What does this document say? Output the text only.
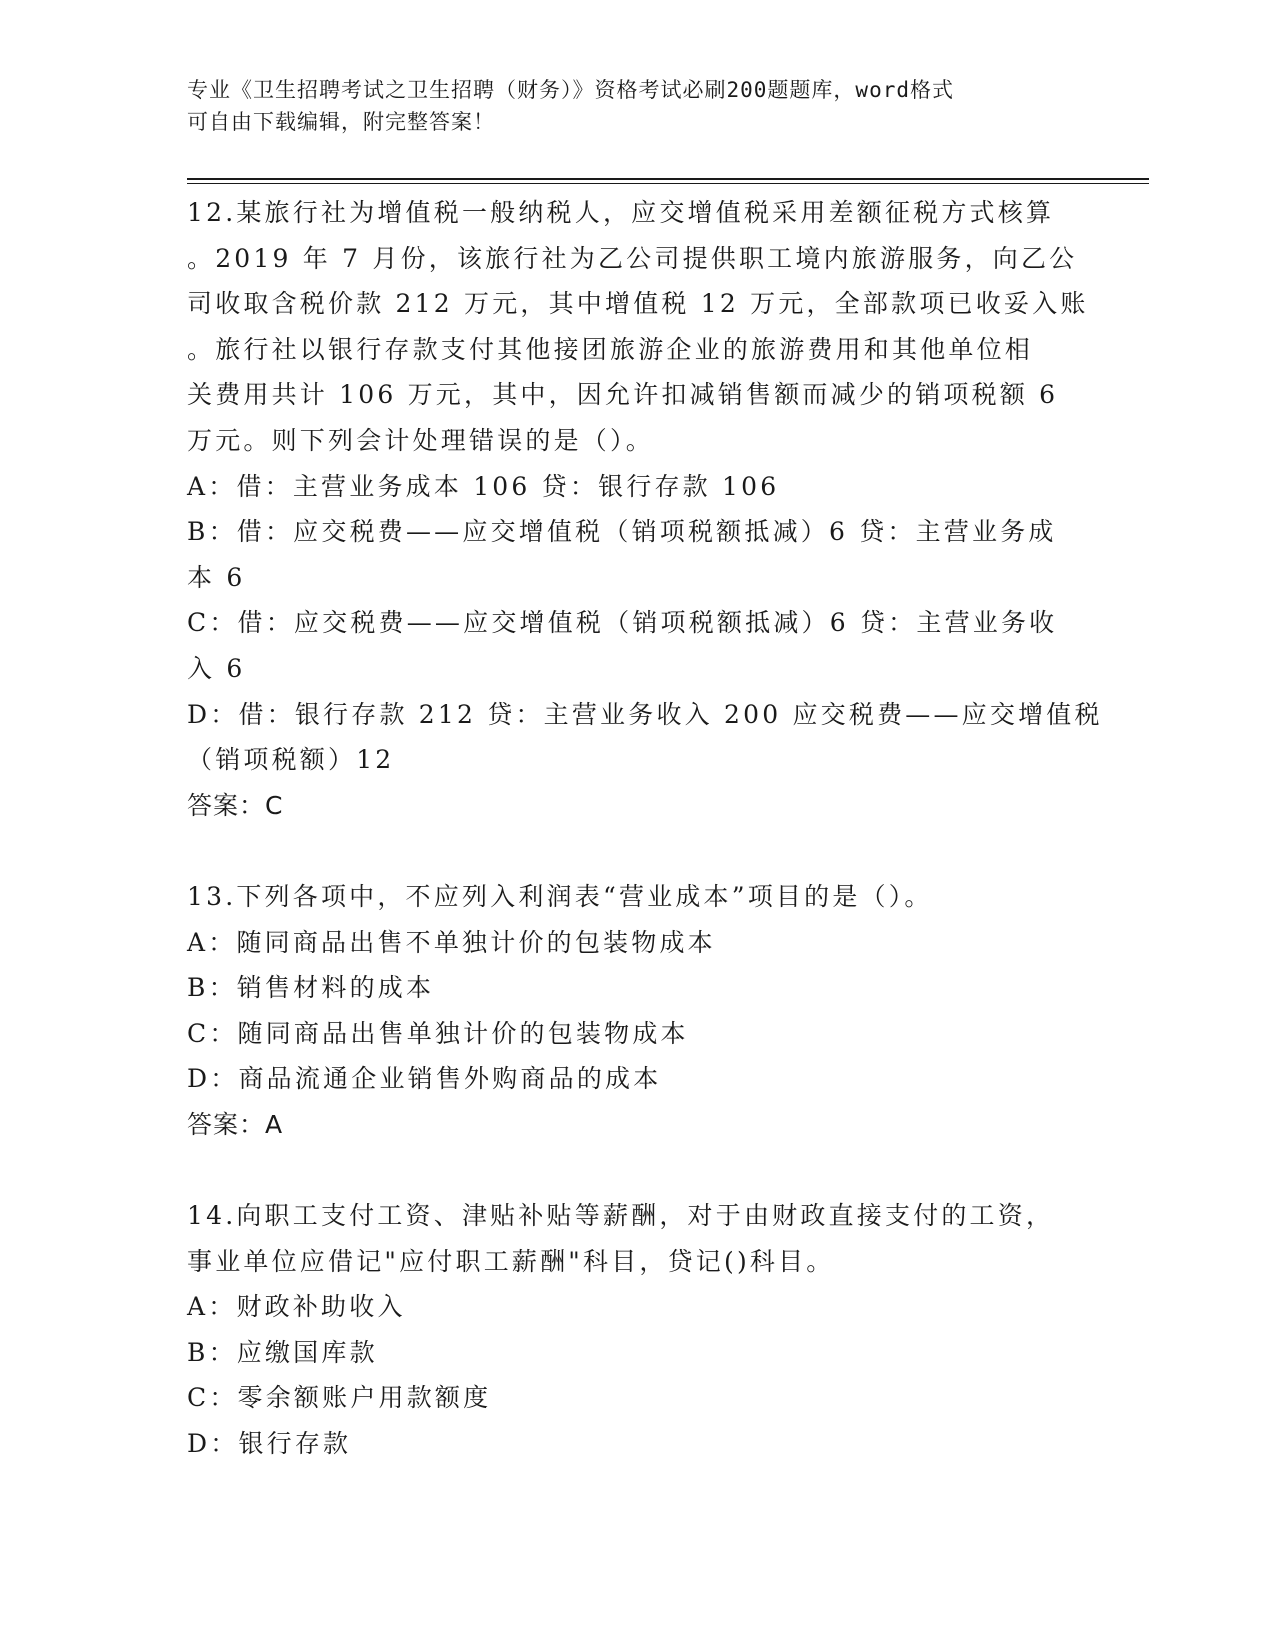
专业《卫生招聘考试之卫生招聘（财务）》资格考试必刷200题题库，word格式
可自由下载编辑，附完整答案！
12.某旅行社为增值税一般纳税人，应交增值税采用差额征税方式核算
。2019 年 7 月份，该旅行社为乙公司提供职工境内旅游服务，向乙公
司收取含税价款 212 万元，其中增值税 12 万元，全部款项已收妥入账
。旅行社以银行存款支付其他接团旅游企业的旅游费用和其他单位相
关费用共计 106 万元，其中，因允许扣减销售额而减少的销项税额 6
万元。则下列会计处理错误的是（）。
A：借：主营业务成本 106 贷：银行存款 106
B：借：应交税费——应交增值税（销项税额抵减）6 贷：主营业务成
本 6
C：借：应交税费——应交增值税（销项税额抵减）6 贷：主营业务收
入 6
D：借：银行存款 212 贷：主营业务收入 200 应交税费——应交增值税
（销项税额）12
答案：C
13.下列各项中，不应列入利润表“营业成本”项目的是（）。
A：随同商品出售不单独计价的包装物成本
B：销售材料的成本
C：随同商品出售单独计价的包装物成本
D：商品流通企业销售外购商品的成本
答案：A
14.向职工支付工资、津贴补贴等薪酬，对于由财政直接支付的工资，
事业单位应借记"应付职工薪酬"科目，贷记()科目。
A：财政补助收入
B：应缴国库款
C：零余额账户用款额度
D：银行存款
